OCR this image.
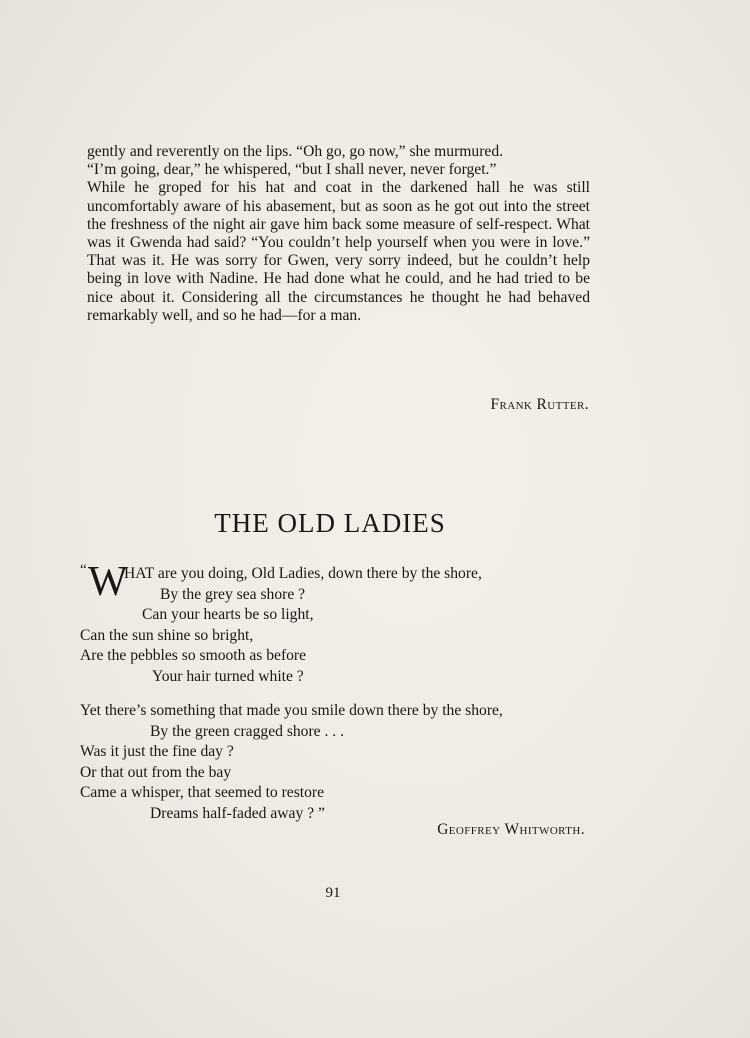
gently and reverently on the lips. “Oh go, go now,” she murmured.

“I’m going, dear,” he whispered, “but I shall never, never forget.”

While he groped for his hat and coat in the darkened hall he was still uncomfortably aware of his abasement, but as soon as he got out into the street the freshness of the night air gave him back some measure of self-respect. What was it Gwenda had said? “You couldn’t help yourself when you were in love.” That was it. He was sorry for Gwen, very sorry indeed, but he couldn’t help being in love with Nadine. He had done what he could, and he had tried to be nice about it. Considering all the circumstances he thought he had behaved remarkably well, and so he had—for a man.

Frank Rutter.
THE OLD LADIES
“ W
HAT are you doing, Old Ladies, down there by the shore,
By the grey sea shore ?
Can your hearts be so light,
Can the sun shine so bright,
Are the pebbles so smooth as before
Your hair turned white ?
Yet there’s something that made you smile down there by the shore,
By the green cragged shore . . .
Was it just the fine day ?
Or that out from the bay
Came a whisper, that seemed to restore
Dreams half-faded away ? ”
Geoffrey Whitworth.
91
